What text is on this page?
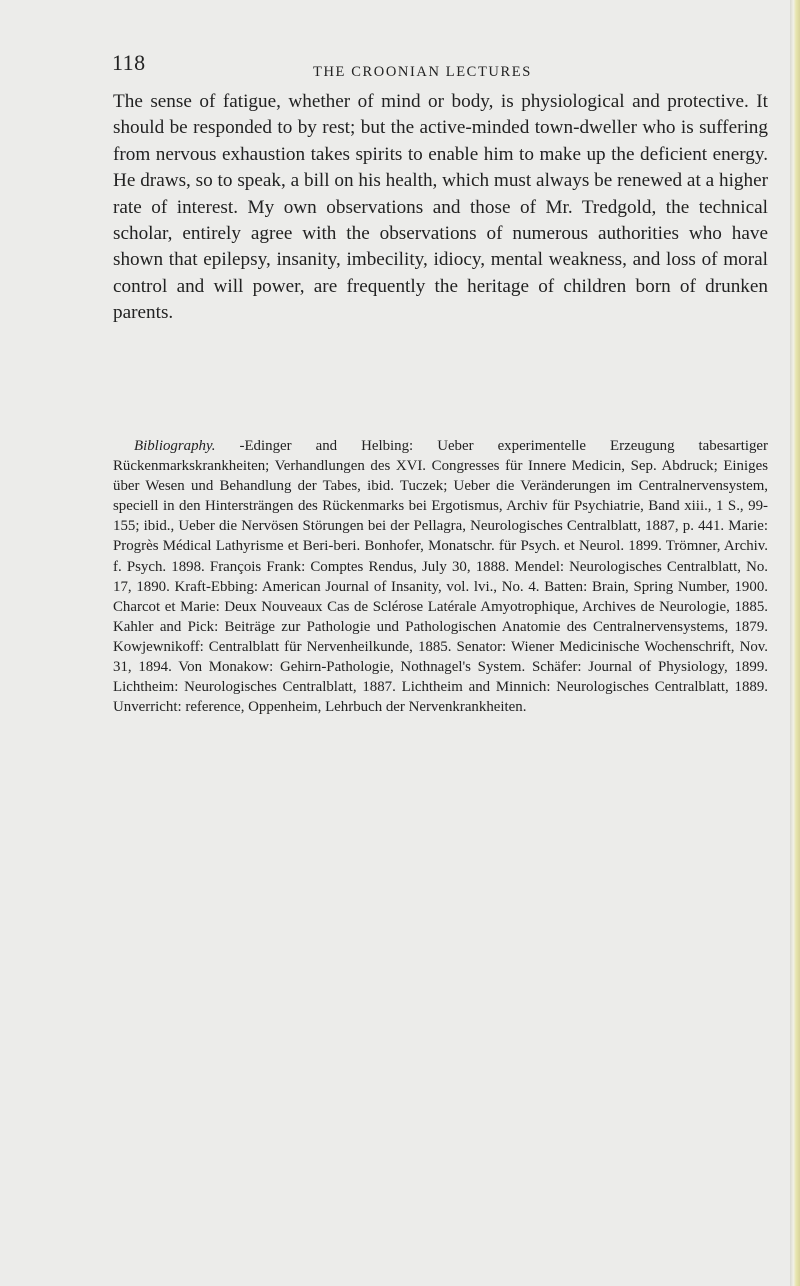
118	THE CROONIAN LECTURES

The sense of fatigue, whether of mind or body, is physiological and protective. It should be responded to by rest; but the active-minded town-dweller who is suffering from nervous exhaustion takes spirits to enable him to make up the deficient energy. He draws, so to speak, a bill on his health, which must always be renewed at a higher rate of interest. My own observations and those of Mr. Tredgold, the technical scholar, entirely agree with the observations of numerous authorities who have shown that epilepsy, insanity, imbecility, idiocy, mental weakness, and loss of moral control and will power, are frequently the heritage of children born of drunken parents.

Bibliography. -Edinger and Helbing: Ueber experimentelle Erzeugung tabesartiger Rückenmarkskrankheiten; Verhandlungen des XVI. Congresses für Innere Medicin, Sep. Abdruck; Einiges über Wesen und Behandlung der Tabes, ibid. Tuczek; Ueber die Veränderungen im Centralnervensystem, speciell in den Hintersträngen des Rückenmarks bei Ergotismus, Archiv für Psychiatrie, Band xiii., 1 S., 99-155; ibid., Ueber die Nervösen Störungen bei der Pellagra, Neurologisches Centralblatt, 1887, p. 441. Marie: Progrès Médical Lathyrisme et Beri-beri. Bonhofer, Monatschr. für Psych. et Neurol. 1899. Trömner, Archiv. f. Psych. 1898. François Frank: Comptes Rendus, July 30, 1888. Mendel: Neurologisches Centralblatt, No. 17, 1890. Kraft-Ebbing: American Journal of Insanity, vol. lvi., No. 4. Batten: Brain, Spring Number, 1900. Charcot et Marie: Deux Nouveaux Cas de Sclérose Latérale Amyotrophique, Archives de Neurologie, 1885. Kahler and Pick: Beiträge zur Pathologie und Pathologischen Anatomie des Centralnervensystems, 1879. Kowjewnikoff: Centralblatt für Nervenheilkunde, 1885. Senator: Wiener Medicinische Wochenschrift, Nov. 31, 1894. Von Monakow: Gehirn-Pathologie, Nothnagel's System. Schäfer: Journal of Physiology, 1899. Lichtheim: Neurologisches Centralblatt, 1887. Lichtheim and Minnich: Neurologisches Centralblatt, 1889. Unverricht: reference, Oppenheim, Lehrbuch der Nervenkrankheiten.
